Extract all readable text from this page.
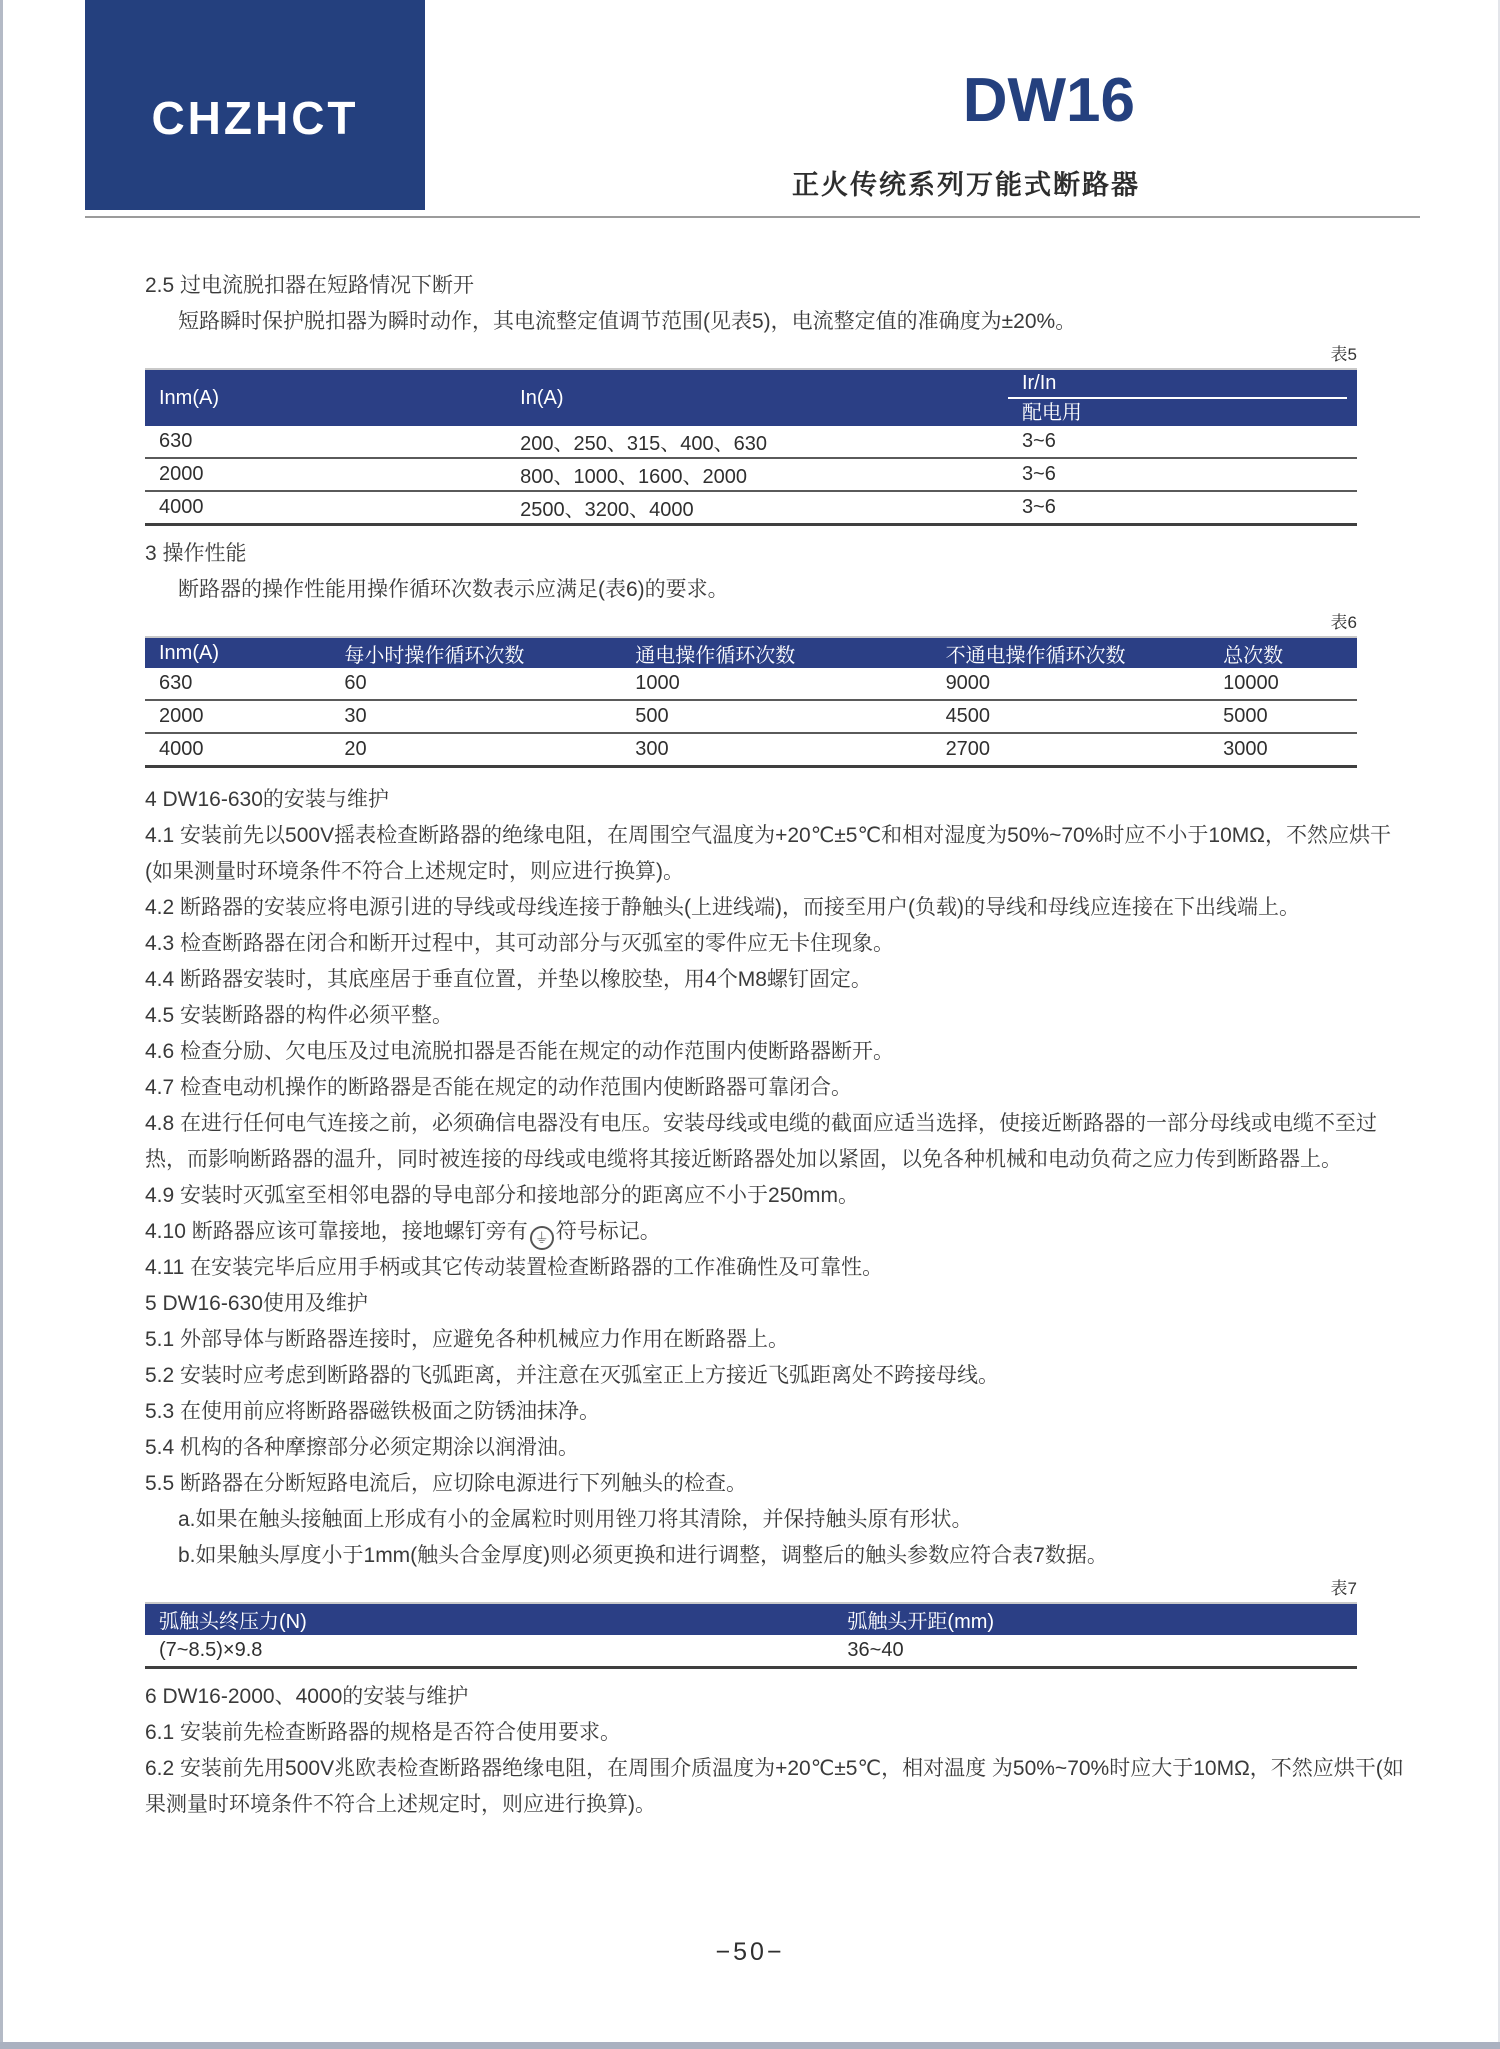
CHZHCT	DW16
正火传统系列万能式断路器
2.5 过电流脱扣器在短路情况下断开
短路瞬时保护脱扣器为瞬时动作，其电流整定值调节范围(见表5)，电流整定值的准确度为±20%。
表5
Inm(A)	In(A)	Ir/In
配电用

630	200、250、315、400、630	3~6
2000	800、1000、1600、2000	3~6
4000	2500、3200、4000	3~6
3 操作性能
断路器的操作性能用操作循环次数表示应满足(表6)的要求。
表6
Inm(A)	每小时操作循环次数	通电操作循环次数	不通电操作循环次数	总次数
630	60	1000	9000	10000
2000	30	500	4500	5000
4000	20	300	2700	3000
4 DW16-630的安装与维护
4.1 安装前先以500V摇表检查断路器的绝缘电阻，在周围空气温度为+20℃±5℃和相对湿度为50%~70%时应不小于10MΩ，不然应烘干(如果测量时环境条件不符合上述规定时，则应进行换算)。
4.2 断路器的安装应将电源引进的导线或母线连接于静触头(上进线端)，而接至用户(负载)的导线和母线应连接在下出线端上。
4.3 检查断路器在闭合和断开过程中，其可动部分与灭弧室的零件应无卡住现象。
4.4 断路器安装时，其底座居于垂直位置，并垫以橡胶垫，用4个M8螺钉固定。
4.5 安装断路器的构件必须平整。
4.6 检查分励、欠电压及过电流脱扣器是否能在规定的动作范围内使断路器断开。
4.7 检查电动机操作的断路器是否能在规定的动作范围内使断路器可靠闭合。
4.8 在进行任何电气连接之前，必须确信电器没有电压。安装母线或电缆的截面应适当选择，使接近断路器的一部分母线或电缆不至过热，而影响断路器的温升，同时被连接的母线或电缆将其接近断路器处加以紧固，以免各种机械和电动负荷之应力传到断路器上。
4.9 安装时灭弧室至相邻电器的导电部分和接地部分的距离应不小于250mm。
4.10 断路器应该可靠接地，接地螺钉旁有 ⏚ 符号标记。
4.11 在安装完毕后应用手柄或其它传动装置检查断路器的工作准确性及可靠性。
5 DW16-630使用及维护
5.1 外部导体与断路器连接时，应避免各种机械应力作用在断路器上。
5.2 安装时应考虑到断路器的飞弧距离，并注意在灭弧室正上方接近飞弧距离处不跨接母线。
5.3 在使用前应将断路器磁铁极面之防锈油抹净。
5.4 机构的各种摩擦部分必须定期涂以润滑油。
5.5 断路器在分断短路电流后，应切除电源进行下列触头的检查。
a.如果在触头接触面上形成有小的金属粒时则用锉刀将其清除，并保持触头原有形状。
b.如果触头厚度小于1mm(触头合金厚度)则必须更换和进行调整，调整后的触头参数应符合表7数据。
表7
弧触头终压力(N)	弧触头开距(mm)
(7~8.5)×9.8	36~40
6 DW16-2000、4000的安装与维护
6.1 安装前先检查断路器的规格是否符合使用要求。
6.2 安装前先用500V兆欧表检查断路器绝缘电阻，在周围介质温度为+20℃±5℃，相对温度 为50%~70%时应大于10MΩ，不然应烘干(如果测量时环境条件不符合上述规定时，则应进行换算)。
−50−
